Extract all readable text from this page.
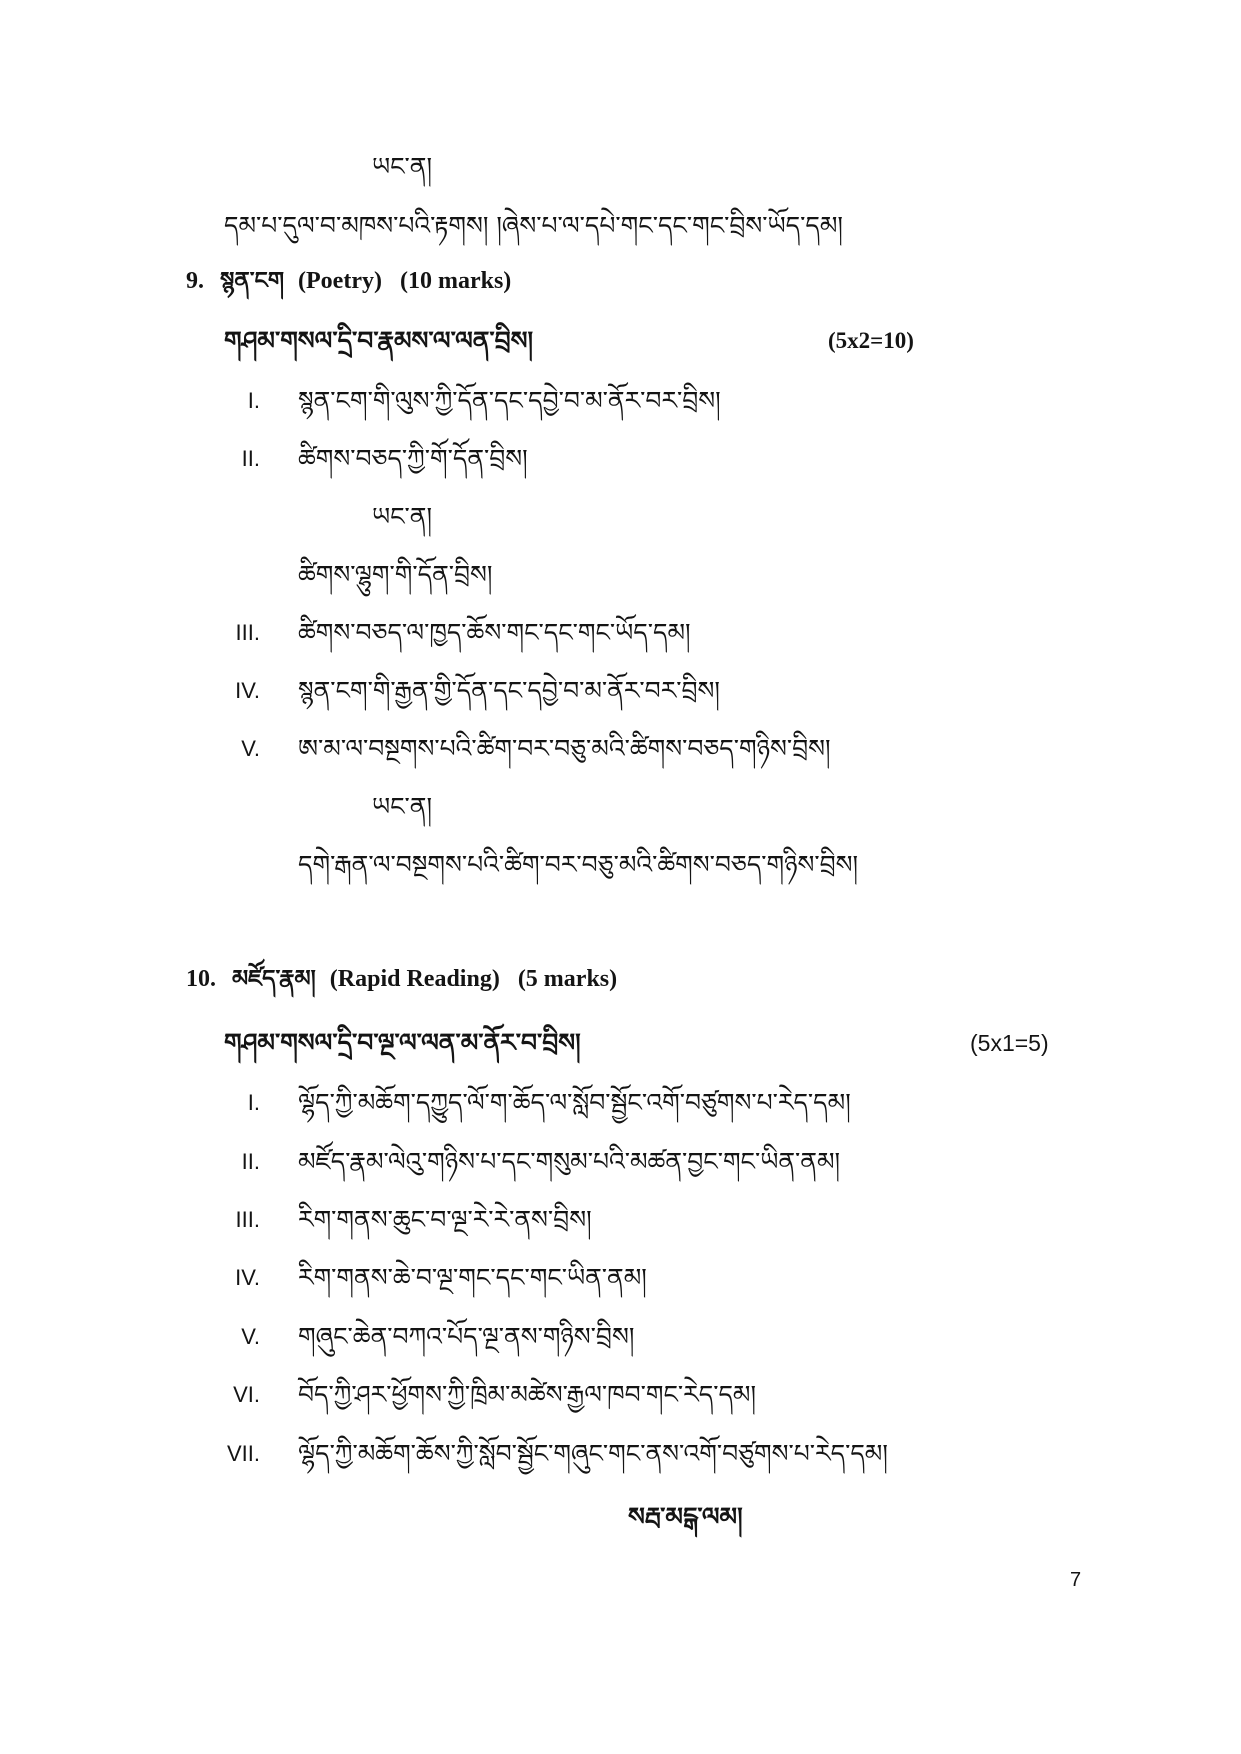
ཡང་ན།
དམ་པ་དུལ་བ་མཁས་པའི་རྟགས། །ཞེས་པ་ལ་དཔེ་གང་དང་གང་བྲིས་ཡོད་དམ།
9. སྙན་ངག (Poetry) (10 marks)
གཤམ་གསལ་དྲི་བ་རྣམས་ལ་ལན་བྲིས།	(5x2=10)
I. སྙན་ངག་གི་ལུས་ཀྱི་དོན་དང་དབྱེ་བ་མ་ནོར་བར་བྲིས།
II. ཚིགས་བཅད་ཀྱི་གོ་དོན་བྲིས།
ཡང་ན།
ཚིགས་ལྷུག་གི་དོན་བྲིས།
III. ཚིགས་བཅད་ལ་ཁྱད་ཆོས་གང་དང་གང་ཡོད་དམ།
IV. སྙན་ངག་གི་རྒྱན་གྱི་དོན་དང་དབྱེ་བ་མ་ནོར་བར་བྲིས།
V. ཨ་མ་ལ་བསྔགས་པའི་ཚིག་བར་བཅུ་མའི་ཚིགས་བཅད་གཉིས་བྲིས།
ཡང་ན།
དགེ་རྒན་ལ་བསྔགས་པའི་ཚིག་བར་བཅུ་མའི་ཚིགས་བཅད་གཉིས་བྲིས།
10. མཛོད་རྣམ། (Rapid Reading) (5 marks)
གཤམ་གསལ་དྲི་བ་ལྔ་ལ་ལན་མ་ནོར་བ་བྲིས།	(5x1=5)
I. ལྷོད་ཀྱི་མཆོག་དཀྱུད་ལོ་ག་ཆོད་ལ་སློབ་སྦྱོང་འགོ་བཙུགས་པ་རེད་དམ།
II. མཛོད་རྣམ་ལེའུ་གཉིས་པ་དང་གསུམ་པའི་མཚན་བྱང་གང་ཡིན་ནམ།
III. རིག་གནས་ཆུང་བ་ལྔ་རེ་རེ་ནས་བྲིས།
IV. རིག་གནས་ཆེ་བ་ལྔ་གང་དང་གང་ཡིན་ནམ།
V. གཞུང་ཆེན་བཀའ་པོད་ལྔ་ནས་གཉིས་བྲིས།
VI. བོད་ཀྱི་ཤར་ཕྱོགས་ཀྱི་ཁྲིམ་མཚེས་རྒྱལ་ཁབ་གང་རེད་དམ།
VII. ལྷོད་ཀྱི་མཆོག་ཆོས་ཀྱི་སློབ་སྦྱོང་གཞུང་གང་ནས་འགོ་བཙུགས་པ་རེད་དམ།
སརྦ་མངྒ་ལམ།
7
